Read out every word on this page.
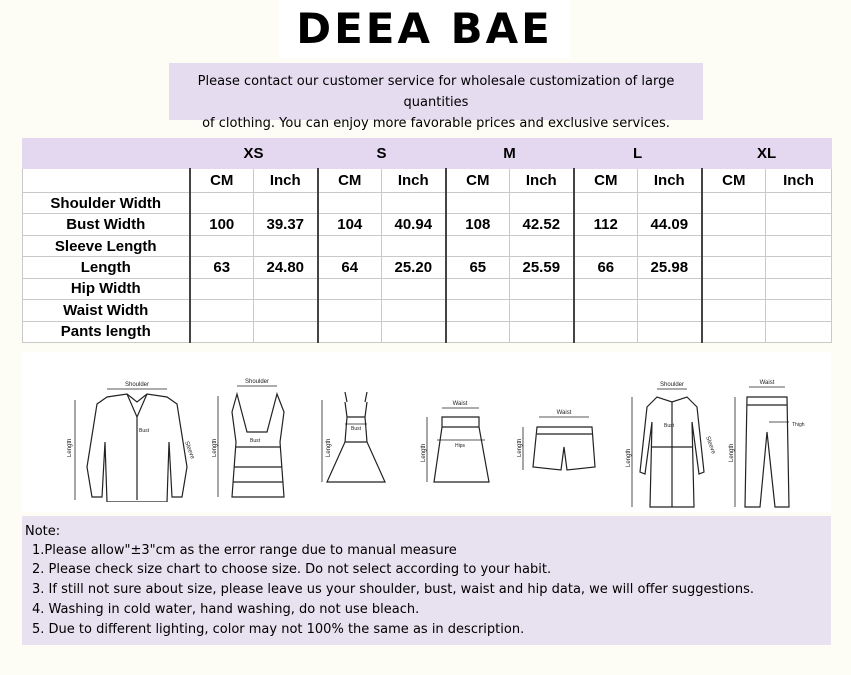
DEEA BAE
Please contact our customer service for wholesale customization of large quantities
of clothing. You can enjoy more favorable prices and exclusive services.
	XS		S		M		L		XL	
	CM	Inch	CM	Inch	CM	Inch	CM	Inch	CM	Inch
Shoulder Width										
Bust Width	100	39.37	104	40.94	108	42.52	112	44.09		
Sleeve Length										
Length	63	24.80	64	25.20	65	25.59	66	25.98		
Hip Width										
Waist Width										
Pants length										
Shoulder
Length	Sleeve
Bust
Shoulder
Length	Bust
Bust
Length
Waist
Length	Hips
Waist
Length
Shoulder
Bust
Length
Sleeve
Waist
Length
Thigh
Note:
1.Please allow"±3"cm as the error range due to manual measure
2. Please check size chart to choose size. Do not select according to your habit.
3. If still not sure about size, please leave us your shoulder, bust, waist and hip data, we will offer suggestions.
4. Washing in cold water, hand washing, do not use bleach.
5. Due to different lighting, color may not 100% the same as in description.
